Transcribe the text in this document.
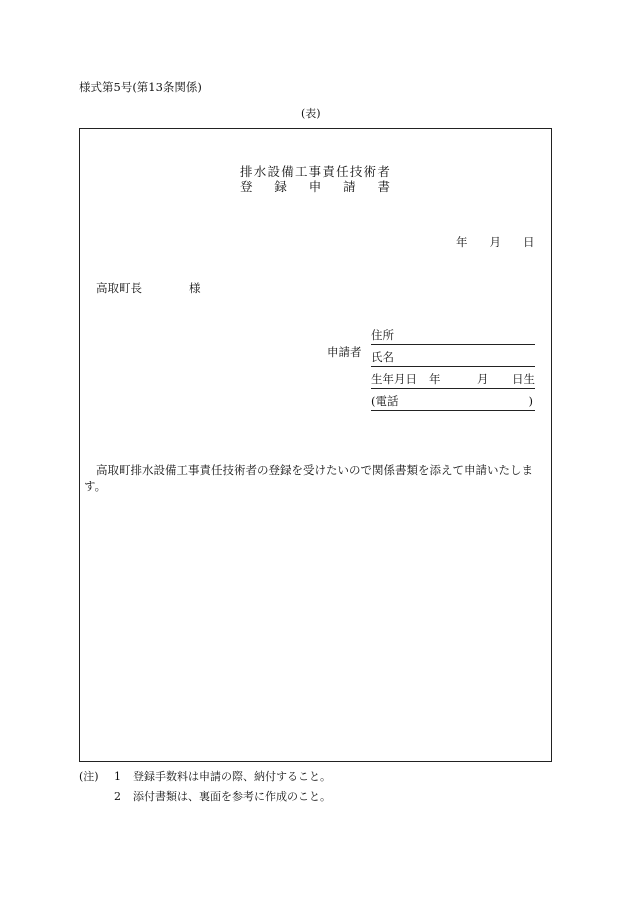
様式第5号(第13条関係)
(表)
排 水 設 備 工 事 責 任 技 術 者
登 録 申 請 書
年 月 日
高取町長	様
申請者
住所
氏名
生年月日 年	月 日生
(電話	)
高取町排水設備工事責任技術者の登録を受けたいので関係書類を添えて申請いたします。
(注) 1 登録手数料は申請の際、納付すること。
2 添付書類は、裏面を参考に作成のこと。
